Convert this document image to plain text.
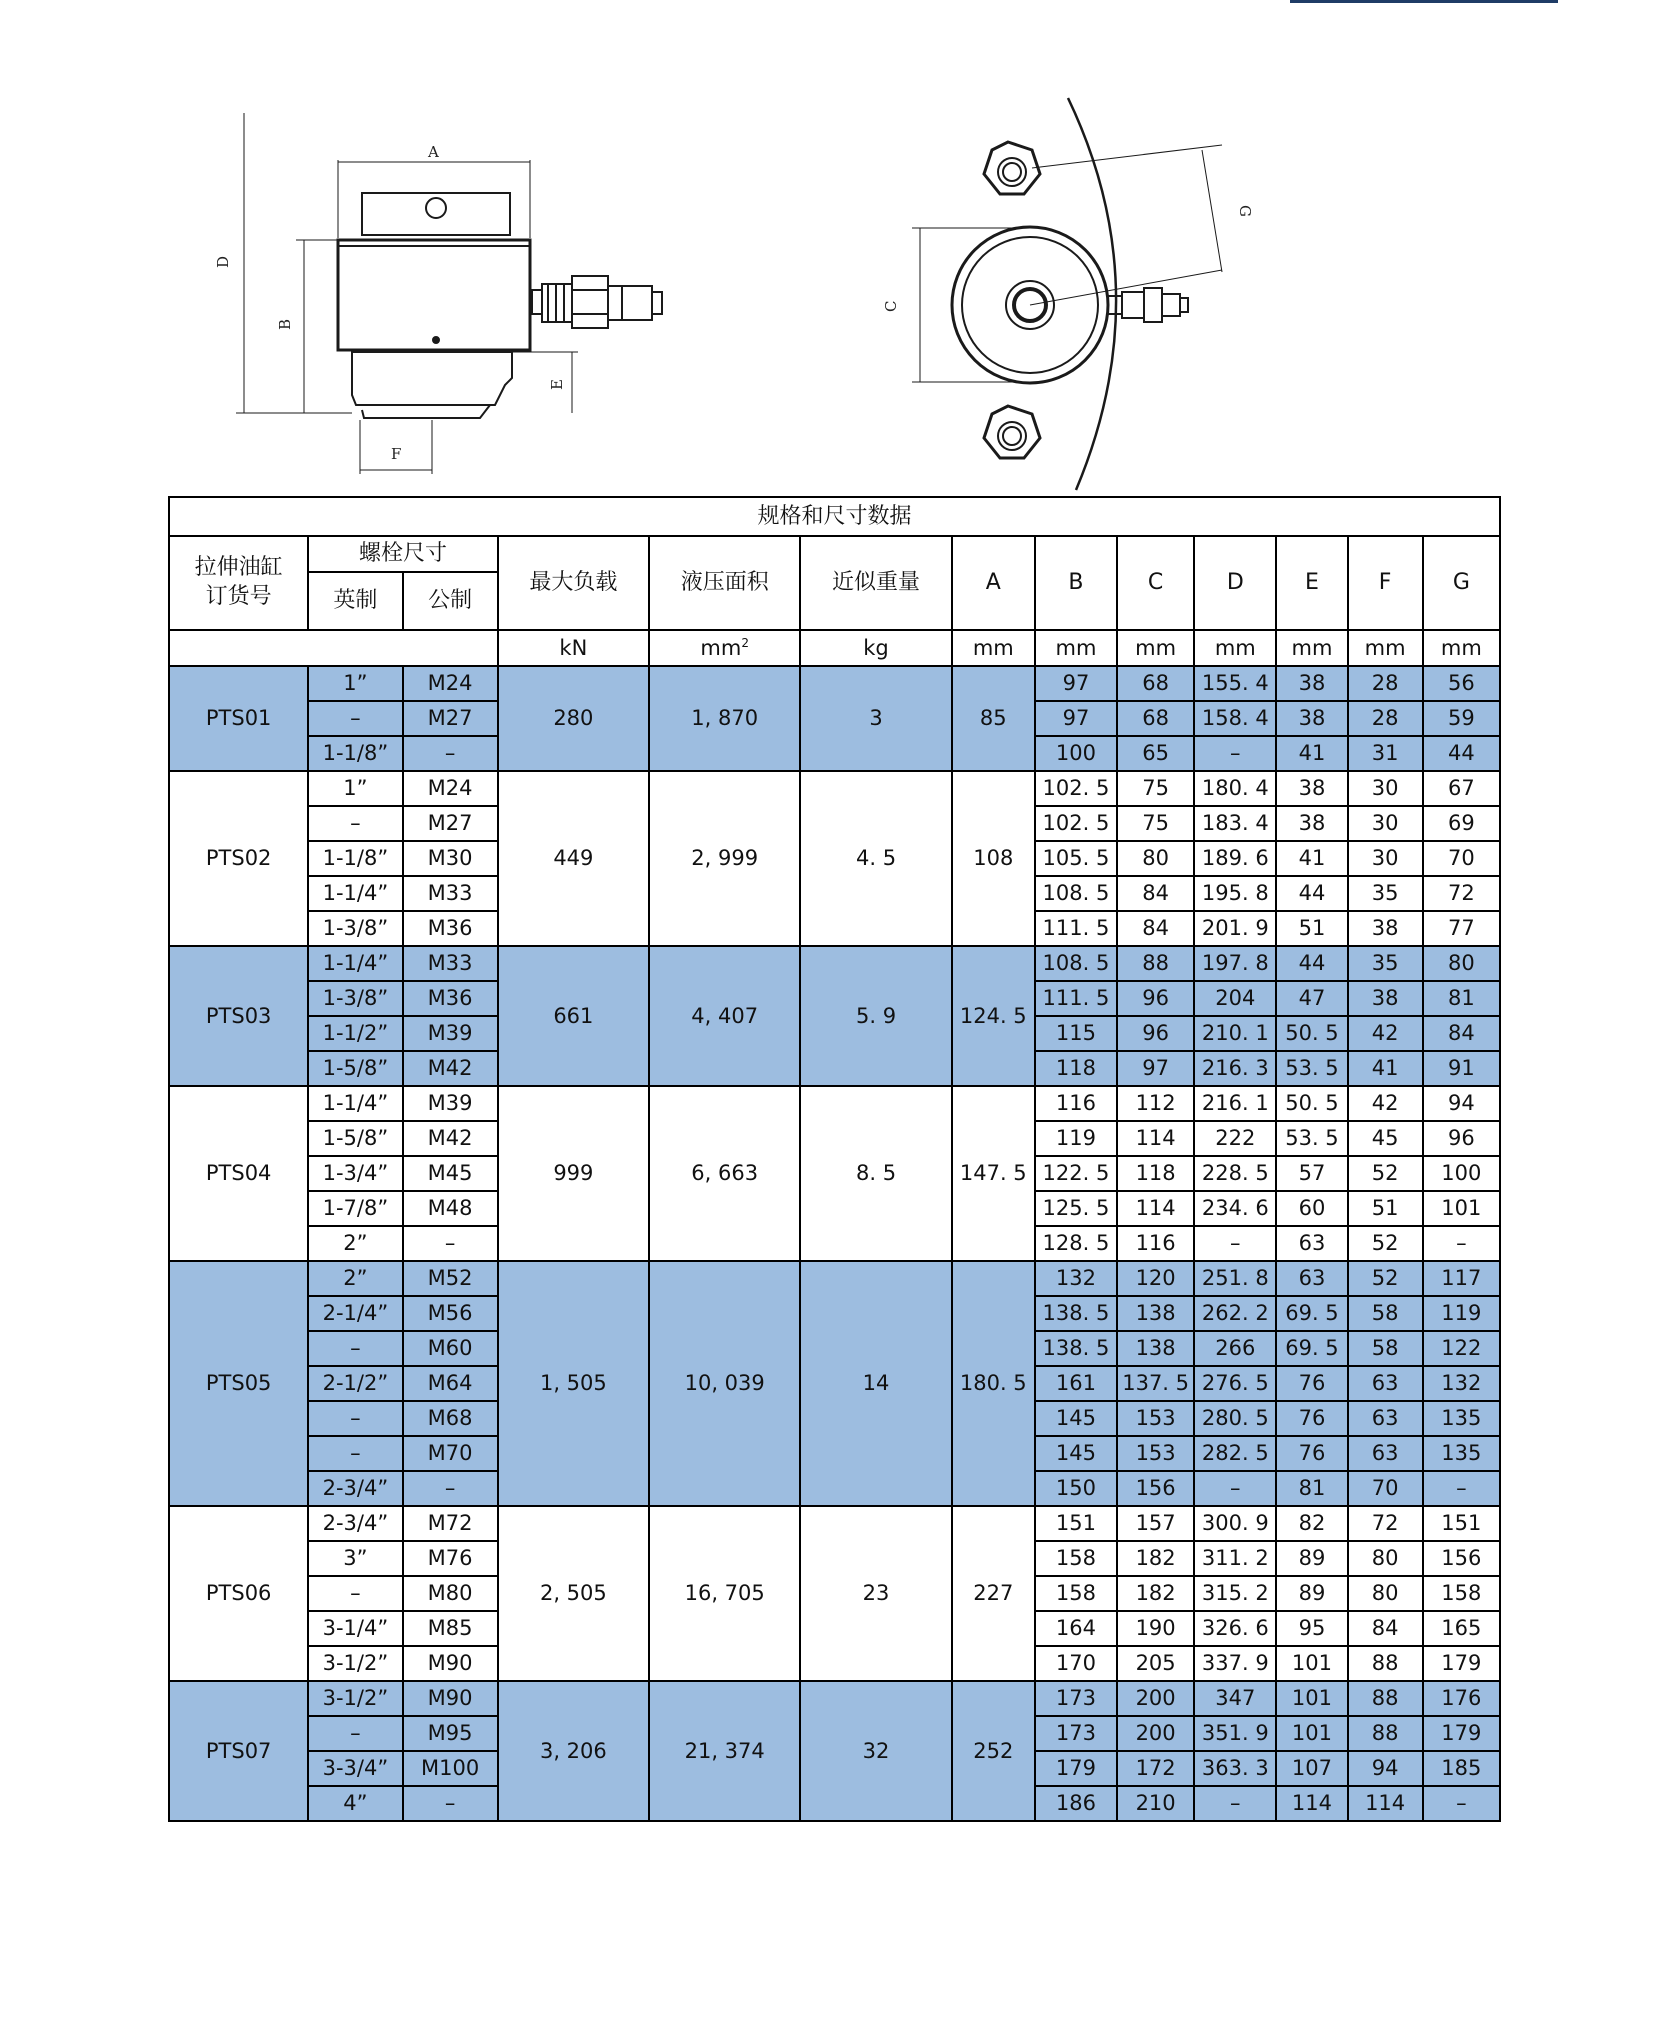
A
D
B
E
F
C
G
规格和尺寸数据												
拉伸油缸
订货号	螺栓尺寸		最大负载	液压面积	近似重量	A	B	C	D	E	F	G
	英制	公制										
			kN	$mm^2$	kg	mm	mm	mm	mm	mm	mm	mm
PTS01	1”	M24	280	1, 870	3	85	97	68	155. 4	38	28	56
	–	M27					97	68	158. 4	38	28	59
	1-1/8”	–					100	65	–	41	31	44
PTS02	1”	M24	449	2, 999	4. 5	108	102. 5	75	180. 4	38	30	67
	–	M27					102. 5	75	183. 4	38	30	69
	1-1/8”	M30					105. 5	80	189. 6	41	30	70
	1-1/4”	M33					108. 5	84	195. 8	44	35	72
	1-3/8”	M36					111. 5	84	201. 9	51	38	77
PTS03	1-1/4”	M33	661	4, 407	5. 9	124. 5	108. 5	88	197. 8	44	35	80
	1-3/8”	M36					111. 5	96	204	47	38	81
	1-1/2”	M39					115	96	210. 1	50. 5	42	84
	1-5/8”	M42					118	97	216. 3	53. 5	41	91
PTS04	1-1/4”	M39	999	6, 663	8. 5	147. 5	116	112	216. 1	50. 5	42	94
	1-5/8”	M42					119	114	222	53. 5	45	96
	1-3/4”	M45					122. 5	118	228. 5	57	52	100
	1-7/8”	M48					125. 5	114	234. 6	60	51	101
	2”	–					128. 5	116	–	63	52	–
PTS05	2”	M52	1, 505	10, 039	14	180. 5	132	120	251. 8	63	52	117
	2-1/4”	M56					138. 5	138	262. 2	69. 5	58	119
	–	M60					138. 5	138	266	69. 5	58	122
	2-1/2”	M64					161	137. 5	276. 5	76	63	132
	–	M68					145	153	280. 5	76	63	135
	–	M70					145	153	282. 5	76	63	135
	2-3/4”	–					150	156	–	81	70	–
PTS06	2-3/4”	M72	2, 505	16, 705	23	227	151	157	300. 9	82	72	151
	3”	M76					158	182	311. 2	89	80	156
	–	M80					158	182	315. 2	89	80	158
	3-1/4”	M85					164	190	326. 6	95	84	165
	3-1/2”	M90					170	205	337. 9	101	88	179
PTS07	3-1/2”	M90	3, 206	21, 374	32	252	173	200	347	101	88	176
	–	M95					173	200	351. 9	101	88	179
	3-3/4”	M100					179	172	363. 3	107	94	185
	4”	–					186	210	–	114	114	–
